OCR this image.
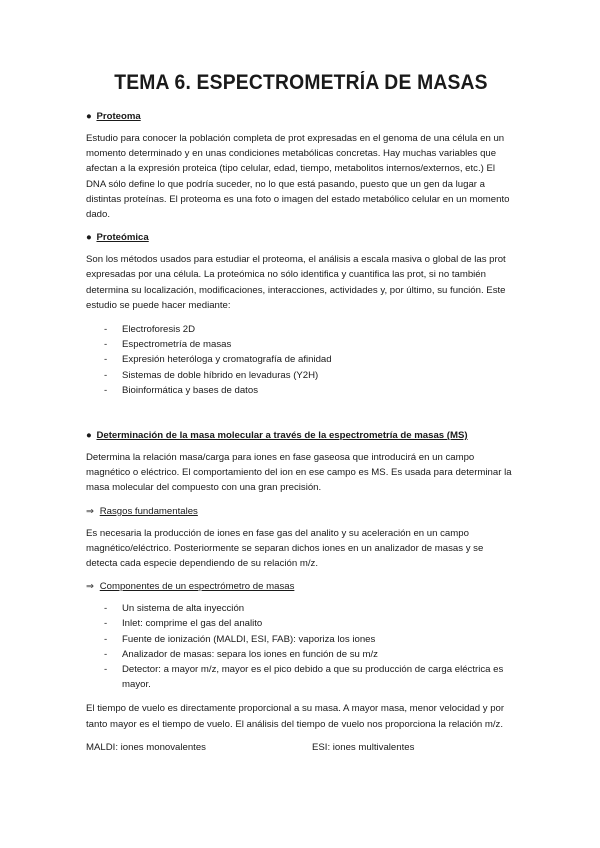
TEMA 6. ESPECTROMETRÍA DE MASAS
● Proteoma

Estudio para conocer la población completa de prot expresadas en el genoma de una célula en un momento determinado y en unas condiciones metabólicas concretas. Hay muchas variables que afectan a la expresión proteica (tipo celular, edad, tiempo, metabolitos internos/externos, etc.) El DNA sólo define lo que podría suceder, no lo que está pasando, puesto que un gen da lugar a distintas proteínas. El proteoma es una foto o imagen del estado metabólico celular en un momento dado.

● Proteómica

Son los métodos usados para estudiar el proteoma, el análisis a escala masiva o global de las prot expresadas por una célula. La proteómica no sólo identifica y cuantifica las prot, si no también determina su localización, modificaciones, interacciones, actividades y, por último, su función. Este estudio se puede hacer mediante:

- Electroforesis 2D
- Espectrometría de masas
- Expresión heteróloga y cromatografía de afinidad
- Sistemas de doble híbrido en levaduras (Y2H)
- Bioinformática y bases de datos
● Determinación de la masa molecular a través de la espectrometría de masas (MS)

Determina la relación masa/carga para iones en fase gaseosa que introducirá en un campo magnético o eléctrico. El comportamiento del ion en ese campo es MS. Es usada para determinar la masa molecular del compuesto con una gran precisión.

⇒ Rasgos fundamentales

Es necesaria la producción de iones en fase gas del analito y su aceleración en un campo magnético/eléctrico. Posteriormente se separan dichos iones en un analizador de masas y se detecta cada especie dependiendo de su relación m/z.

⇒ Componentes de un espectrómetro de masas
- Un sistema de alta inyección
- Inlet: comprime el gas del analito
- Fuente de ionización (MALDI, ESI, FAB): vaporiza los iones
- Analizador de masas: separa los iones en función de su m/z
- Detector: a mayor m/z, mayor es el pico debido a que su producción de carga eléctrica es mayor.

El tiempo de vuelo es directamente proporcional a su masa. A mayor masa, menor velocidad y por tanto mayor es el tiempo de vuelo. El análisis del tiempo de vuelo nos proporciona la relación m/z.

MALDI: iones monovalentes	ESI: iones multivalentes
